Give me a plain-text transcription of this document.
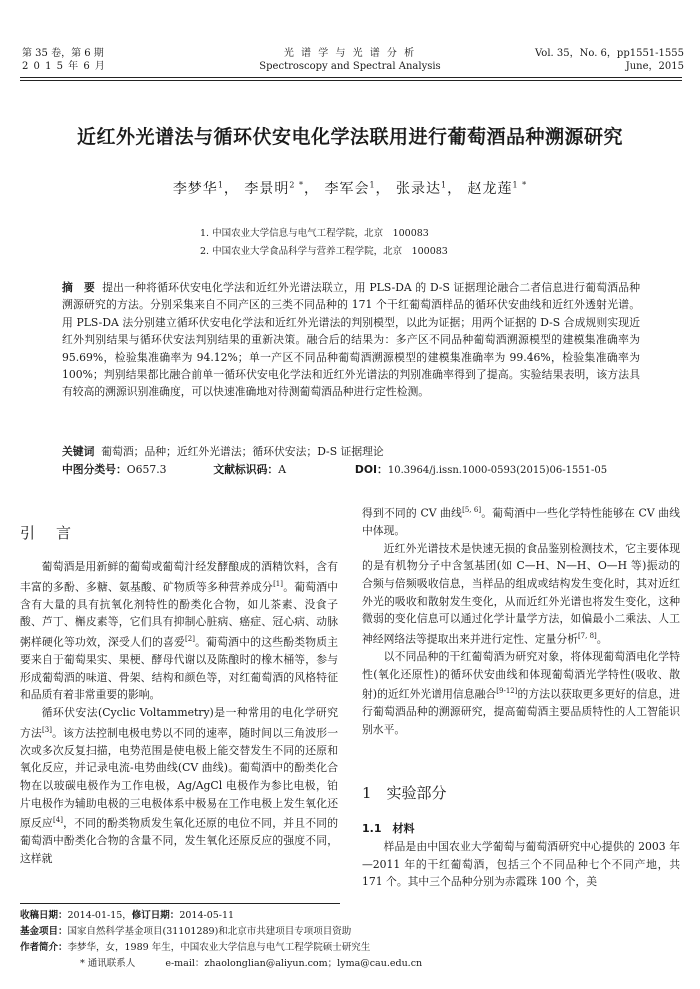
第 35 卷，第 6 期
2 0 1 5 年 6 月
光 谱 学 与 光 谱 分 析
Spectroscopy and Spectral Analysis
Vol. 35，No. 6，pp1551-1555
June，2015
近红外光谱法与循环伏安电化学法联用进行葡萄酒品种溯源研究
李梦华$^1$， 李景明$^{2 *}$， 李军会$^1$， 张录达$^1$， 赵龙莲$^{1 *}$
1. 中国农业大学信息与电气工程学院，北京　100083
2. 中国农业大学食品科学与营养工程学院，北京　100083
摘　要 提出一种将循环伏安电化学法和近红外光谱法联立，用 PLS-DA 的 D-S 证据理论融合二者信息进行葡萄酒品种溯源研究的方法。分别采集来自不同产区的三类不同品种的 171 个干红葡萄酒样品的循环伏安曲线和近红外透射光谱。用 PLS-DA 法分别建立循环伏安电化学法和近红外光谱法的判别模型，以此为证据；用两个证据的 D-S 合成规则实现近红外判别结果与循环伏安法判别结果的重新决策。融合后的结果为：多产区不同品种葡萄酒溯源模型的建模集准确率为 95.69%，检验集准确率为 94.12%；单一产区不同品种葡萄酒溯源模型的建模集准确率为 99.46%，检验集准确率为 100%；判别结果都比融合前单一循环伏安电化学法和近红外光谱法的判别准确率得到了提高。实验结果表明，该方法具有较高的溯源识别准确度，可以快速准确地对待测葡萄酒品种进行定性检测。
关键词 葡萄酒；品种；近红外光谱法；循环伏安法；D-S 证据理论
中图分类号：O657.3	文献标识码：A	DOI：10.3964/j.issn.1000-0593(2015)06-1551-05
引　言

葡萄酒是用新鲜的葡萄或葡萄汁经发酵酿成的酒精饮料，含有丰富的多酚、多糖、氨基酸、矿物质等多种营养成分[1]。葡萄酒中含有大量的具有抗氧化剂特性的酚类化合物，如儿茶素、没食子酸、芦丁、槲皮素等，它们具有抑制心脏病、癌症、冠心病、动脉粥样硬化等功效，深受人们的喜爱[2]。葡萄酒中的这些酚类物质主要来自于葡萄果实、果梗、酵母代谢以及陈酿时的橡木桶等，参与形成葡萄酒的味道、骨架、结构和颜色等，对红葡萄酒的风格特征和品质有着非常重要的影响。

循环伏安法(Cyclic Voltammetry)是一种常用的电化学研究方法[3]。该方法控制电极电势以不同的速率，随时间以三角波形一次或多次反复扫描，电势范围是使电极上能交替发生不同的还原和氧化反应，并记录电流-电势曲线(CV 曲线)。葡萄酒中的酚类化合物在以玻碳电极作为工作电极，Ag/AgCl 电极作为参比电极，铂片电极作为辅助电极的三电极体系中极易在工作电极上发生氧化还原反应[4]，不同的酚类物质发生氧化还原的电位不同，并且不同的葡萄酒中酚类化合物的含量不同，发生氧化还原反应的强度不同，这样就

得到不同的 CV 曲线[5, 6]。葡萄酒中一些化学特性能够在 CV 曲线中体现。

近红外光谱技术是快速无损的食品鉴别检测技术，它主要体现的是有机物分子中含氢基团(如 C—H、N—H、O—H 等)振动的合频与倍频吸收信息，当样品的组成或结构发生变化时，其对近红外光的吸收和散射发生变化，从而近红外光谱也将发生变化，这种微弱的变化信息可以通过化学计量学方法，如偏最小二乘法、人工神经网络法等提取出来并进行定性、定量分析[7, 8]。

以不同品种的干红葡萄酒为研究对象，将体现葡萄酒电化学特性(氧化还原性)的循环伏安曲线和体现葡萄酒光学特性(吸收、散射)的近红外光谱用信息融合[9-12]的方法以获取更多更好的信息，进行葡萄酒品种的溯源研究，提高葡萄酒主要品质特性的人工智能识别水平。

1　实验部分
1.1　材料

样品是由中国农业大学葡萄与葡萄酒研究中心提供的 2003 年—2011 年的干红葡萄酒，包括三个不同品种七个不同产地，共 171 个。其中三个品种分别为赤霞珠 100 个，美

收稿日期：2014-01-15，修订日期：2014-05-11
基金项目：国家自然科学基金项目(31101289)和北京市共建项目专项项目资助
作者简介：李梦华，女，1989 年生，中国农业大学信息与电气工程学院硕士研究生
* 通讯联系人	e-mail：zhaolonglian@aliyun.com；lyma@cau.edu.cn
